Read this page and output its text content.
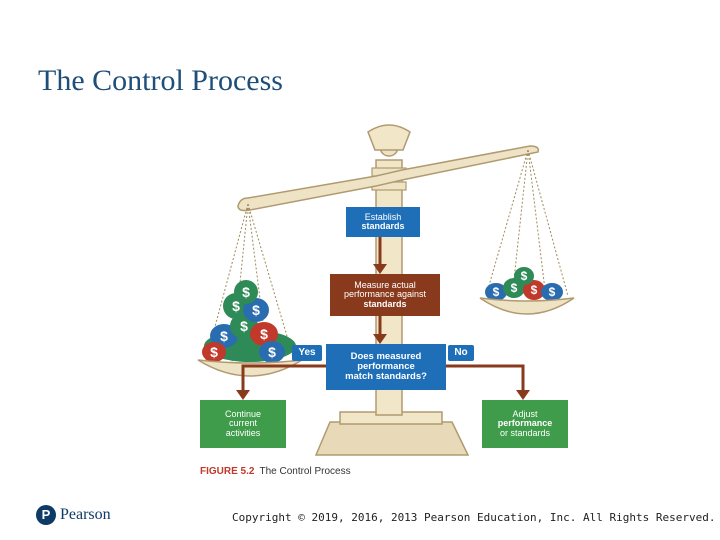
The Control Process
$
$ $
$ $
$
$
$
$ $ $ $
$
Establish
standards
Measure actual
performance against
standards
Does measured
performance
match standards?
Yes	No
Continue
current
activities
Adjust
performance
or standards
FIGURE 5.2 The Control Process
P Pearson	Copyright © 2019, 2016, 2013 Pearson Education, Inc. All Rights Reserved.
